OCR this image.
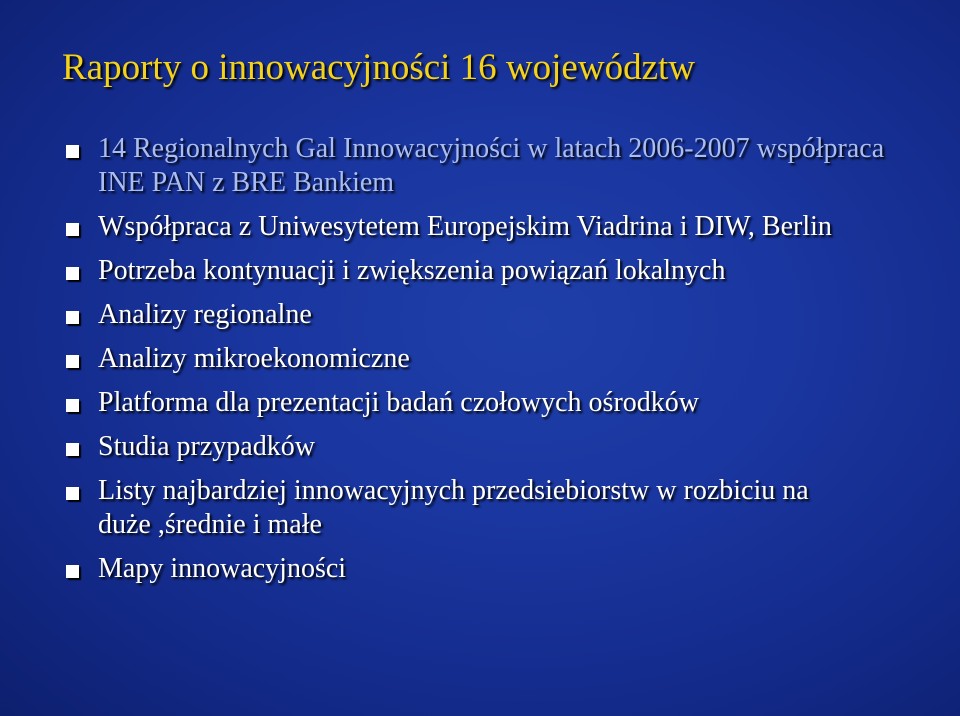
Raporty o innowacyjności 16 województw
14 Regionalnych Gal Innowacyjności w latach 2006-2007 współpraca INE PAN z BRE Bankiem
Współpraca z Uniwesytetem Europejskim Viadrina i DIW, Berlin
Potrzeba kontynuacji i zwiększenia powiązań lokalnych
Analizy regionalne
Analizy mikroekonomiczne
Platforma dla prezentacji badań czołowych ośrodków
Studia przypadków
Listy najbardziej innowacyjnych przedsiebiorstw w rozbiciu na duże ,średnie i małe
Mapy innowacyjności
